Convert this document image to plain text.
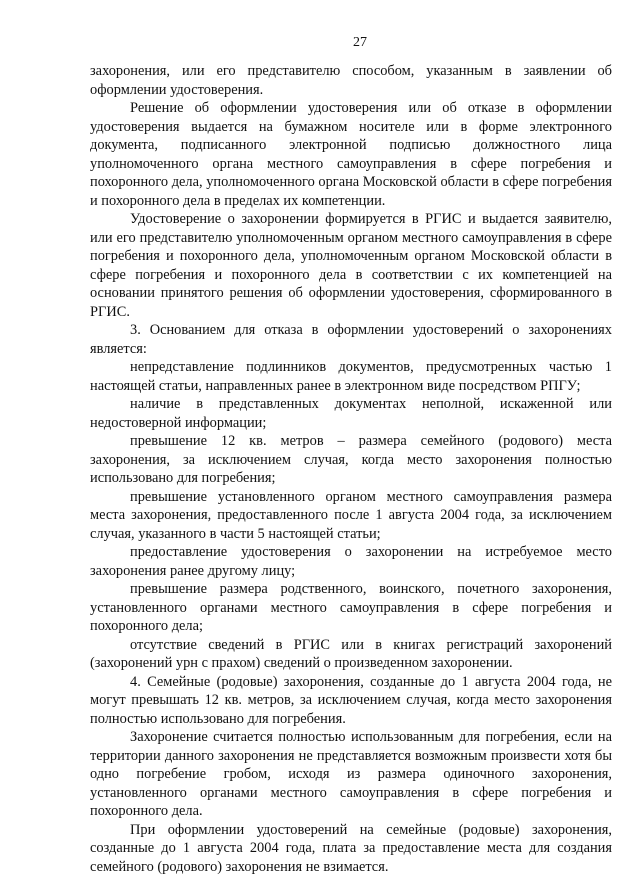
27

захоронения, или его представителю способом, указанным в заявлении об оформлении удостоверения.

Решение об оформлении удостоверения или об отказе в оформлении удостоверения выдается на бумажном носителе или в форме электронного документа, подписанного электронной подписью должностного лица уполномоченного органа местного самоуправления в сфере погребения и похоронного дела, уполномоченного органа Московской области в сфере погребения и похоронного дела в пределах их компетенции.

Удостоверение о захоронении формируется в РГИС и выдается заявителю, или его представителю уполномоченным органом местного самоуправления в сфере погребения и похоронного дела, уполномоченным органом Московской области в сфере погребения и похоронного дела в соответствии с их компетенцией на основании принятого решения об оформлении удостоверения, сформированного в РГИС.

3. Основанием для отказа в оформлении удостоверений о захоронениях является:

непредставление подлинников документов, предусмотренных частью 1 настоящей статьи, направленных ранее в электронном виде посредством РПГУ;

наличие в представленных документах неполной, искаженной или недостоверной информации;

превышение 12 кв. метров – размера семейного (родового) места захоронения, за исключением случая, когда место захоронения полностью использовано для погребения;

превышение установленного органом местного самоуправления размера места захоронения, предоставленного после 1 августа 2004 года, за исключением случая, указанного в части 5 настоящей статьи;

предоставление удостоверения о захоронении на истребуемое место захоронения ранее другому лицу;

превышение размера родственного, воинского, почетного захоронения, установленного органами местного самоуправления в сфере погребения и похоронного дела;

отсутствие сведений в РГИС или в книгах регистраций захоронений (захоронений урн с прахом) сведений о произведенном захоронении.

4. Семейные (родовые) захоронения, созданные до 1 августа 2004 года, не могут превышать 12 кв. метров, за исключением случая, когда место захоронения полностью использовано для погребения.

Захоронение считается полностью использованным для погребения, если на территории данного захоронения не представляется возможным произвести хотя бы одно погребение гробом, исходя из размера одиночного захоронения, установленного органами местного самоуправления в сфере погребения и похоронного дела.

При оформлении удостоверений на семейные (родовые) захоронения, созданные до 1 августа 2004 года, плата за предоставление места для создания семейного (родового) захоронения не взимается.
